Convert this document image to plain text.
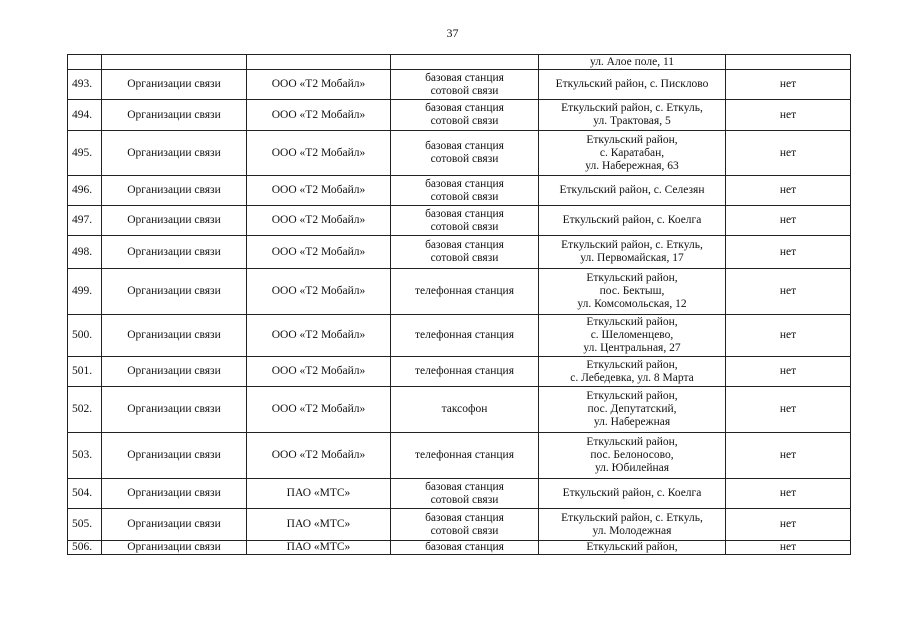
37

				ул. Алое поле, 11	

493.	Организации связи	ООО «Т2 Мобайл»	базовая станция
сотовой связи	Еткульский район, с. Писклово	нет
494.	Организации связи	ООО «Т2 Мобайл»	базовая станция
сотовой связи	Еткульский район, с. Еткуль,
ул. Трактовая, 5	нет
495.	Организации связи	ООО «Т2 Мобайл»	базовая станция
сотовой связи	Еткульский район,
с. Каратабан,
ул. Набережная, 63	нет
496.	Организации связи	ООО «Т2 Мобайл»	базовая станция
сотовой связи	Еткульский район, с. Селезян	нет
497.	Организации связи	ООО «Т2 Мобайл»	базовая станция
сотовой связи	Еткульский район, с. Коелга	нет
498.	Организации связи	ООО «Т2 Мобайл»	базовая станция
сотовой связи	Еткульский район, с. Еткуль,
ул. Первомайская, 17	нет
499.	Организации связи	ООО «Т2 Мобайл»	телефонная станция	Еткульский район,
пос. Бектыш,
ул. Комсомольская, 12	нет
500.	Организации связи	ООО «Т2 Мобайл»	телефонная станция	Еткульский район,
с. Шеломенцево,
ул. Центральная, 27	нет
501.	Организации связи	ООО «Т2 Мобайл»	телефонная станция	Еткульский район,
с. Лебедевка, ул. 8 Марта	нет
502.	Организации связи	ООО «Т2 Мобайл»	таксофон	Еткульский район,
пос. Депутатский,
ул. Набережная	нет
503.	Организации связи	ООО «Т2 Мобайл»	телефонная станция	Еткульский район,
пос. Белоносово,
ул. Юбилейная	нет
504.	Организации связи	ПАО «МТС»	базовая станция
сотовой связи	Еткульский район, с. Коелга	нет
505.	Организации связи	ПАО «МТС»	базовая станция
сотовой связи	Еткульский район, с. Еткуль,
ул. Молодежная	нет
506.	Организации связи	ПАО «МТС»	базовая станция	Еткульский район,	нет
